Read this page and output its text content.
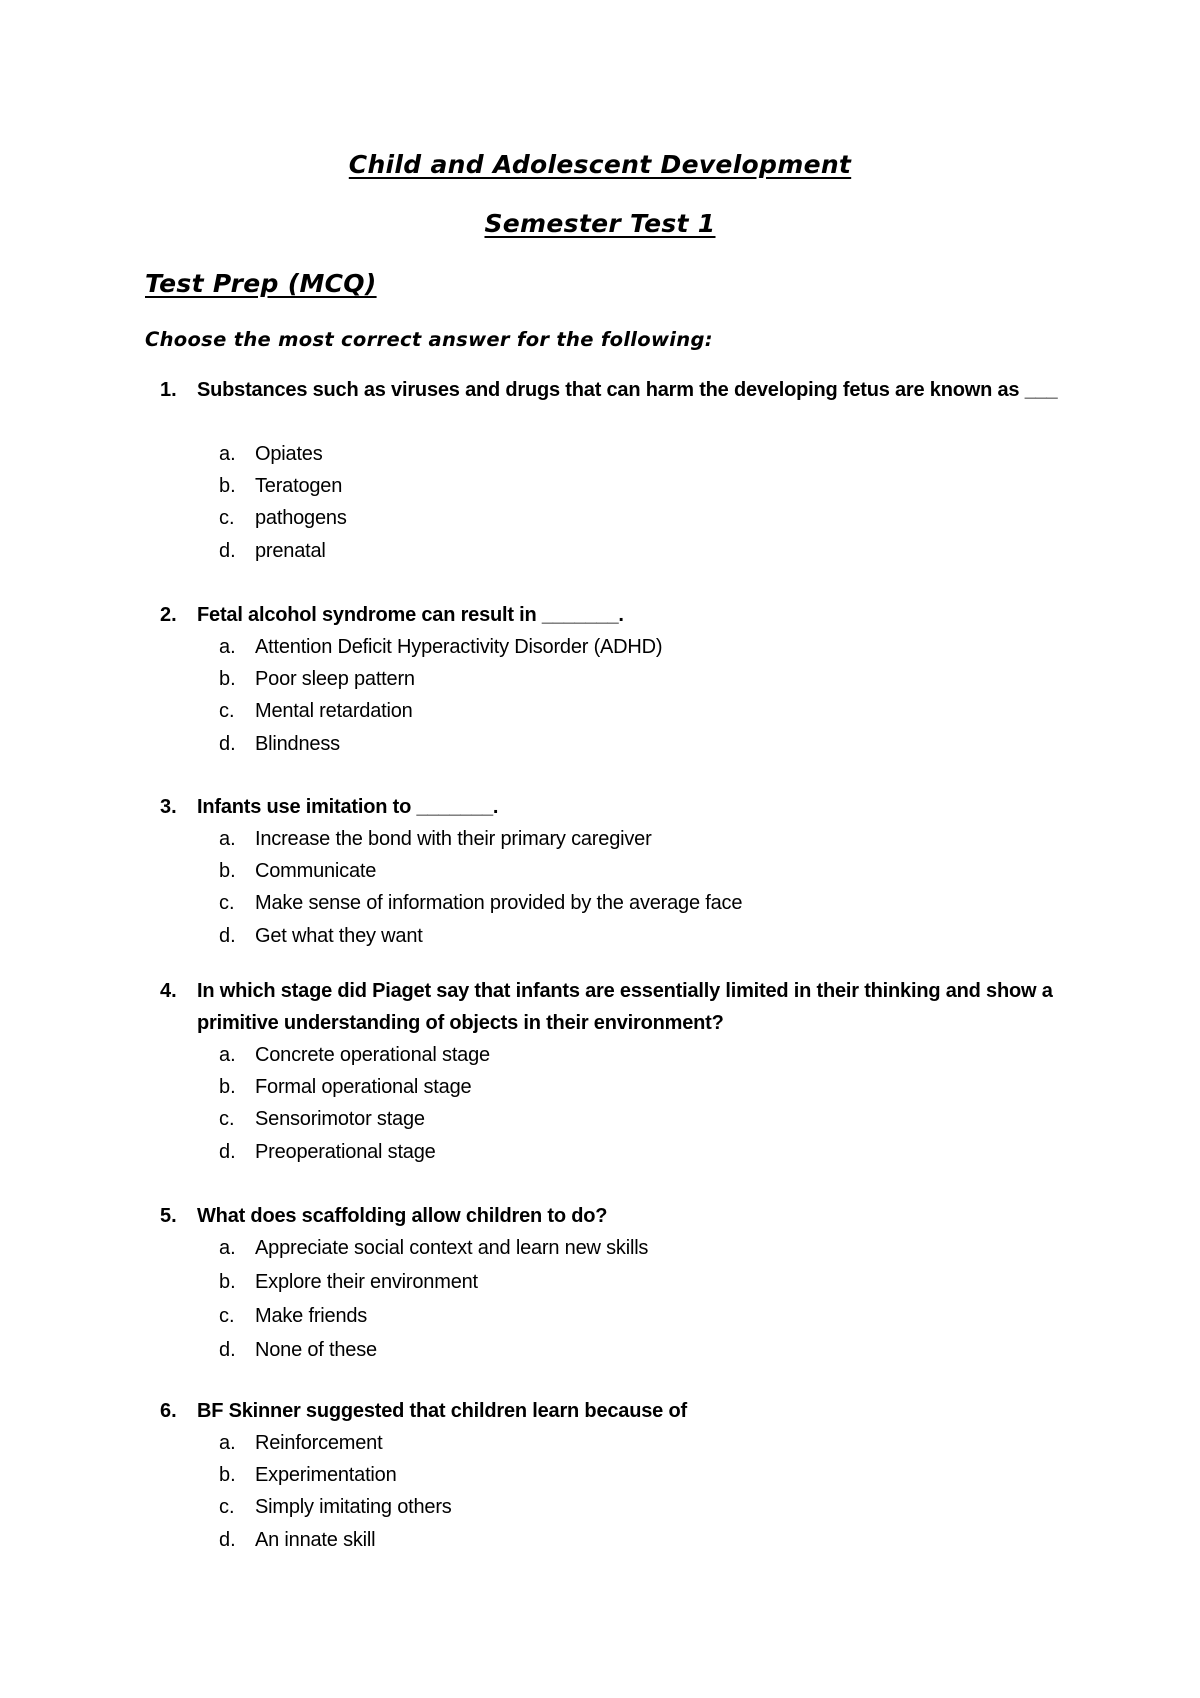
Child and Adolescent Development
Semester Test 1
Test Prep (MCQ)
Choose the most correct answer for the following:
1. Substances such as viruses and drugs that can harm the developing fetus are known as ___
a. Opiates
b. Teratogen
c. pathogens
d. prenatal
2. Fetal alcohol syndrome can result in _______.
a. Attention Deficit Hyperactivity Disorder (ADHD)
b. Poor sleep pattern
c. Mental retardation
d. Blindness
3. Infants use imitation to _______.
a. Increase the bond with their primary caregiver
b. Communicate
c. Make sense of information provided by the average face
d. Get what they want
4. In which stage did Piaget say that infants are essentially limited in their thinking and show a primitive understanding of objects in their environment?
a. Concrete operational stage
b. Formal operational stage
c. Sensorimotor stage
d. Preoperational stage
5. What does scaffolding allow children to do?
a. Appreciate social context and learn new skills
b. Explore their environment
c. Make friends
d. None of these
6. BF Skinner suggested that children learn because of
a. Reinforcement
b. Experimentation
c. Simply imitating others
d. An innate skill
